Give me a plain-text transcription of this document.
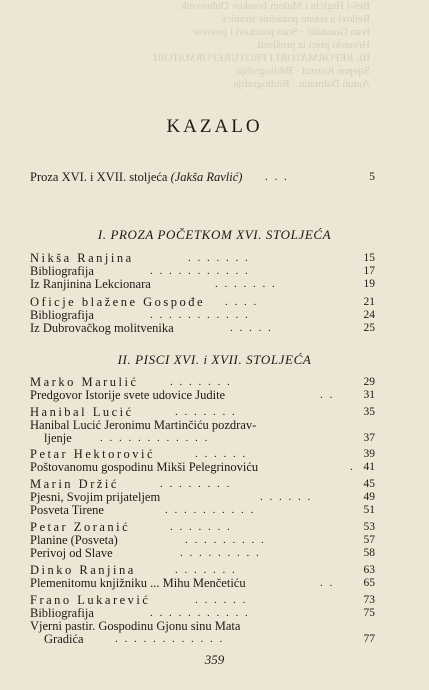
Beš-i Hrgićin i Malom Ivankov Dubrovnik
Redovi u tekstu pozadine stranice
Ivan Gundulić · Stari pozdravi i posvete
Hrvatski pisci iz prošlosti
III. REFORMATORI I PROTUREFORMATORI
Stjepan Konzul · Bibliografija
Antun Dalmatin · Bibliografija
KAZALO
Proza XVI. i XVII. stoljeća (Jakša Ravlić) . . .	5
I. PROZA POČETKOM XVI. STOLJEĆA
Nikša Ranjina	. . . . . . .	15
Bibliografija	. . . . . . . . . . .	17
Iz Ranjinina Lekcionara	. . . . . . .	19
Oficje blažene Gospođe . . . .	21
Bibliografija	. . . . . . . . . . .	24
Iz Dubrovačkog molitvenika	. . . . .	25
II. PISCI XVI. i XVII. STOLJEĆA
Marko Marulić	. . . . . . .	29
Predgovor Istorije svete udovice Judite	. .	31
Hanibal Lucić	. . . . . . .	35
Hanibal Lucić Jeronimu Martinčiću pozdrav-
ljenje	. . . . . . . . . . . .	37
Petar Hektorović	. . . . . .	39
Poštovanomu gospodinu Mikši Pelegrinoviću	. 41
Marin Držić	. . . . . . . .	45
Pjesni, Svojim prijateljem	. . . . . .	49
Posveta Tirene	. . . . . . . . . .	51
Petar Zoranić	. . . . . . .	53
Planine (Posveta)	. . . . . . . . .	57
Perivoj od Slave	. . . . . . . . .	58
Dinko Ranjina	. . . . . . .	63
Plemenitomu knjižniku ... Mihu Menčetiću	. .	65
Frano Lukarević	. . . . . .	73
Bibliografija	. . . . . . . . . . .	75
Vjerni pastir. Gospodinu Gjonu sinu Mata
Gradića	. . . . . . . . . . . .	77
359
